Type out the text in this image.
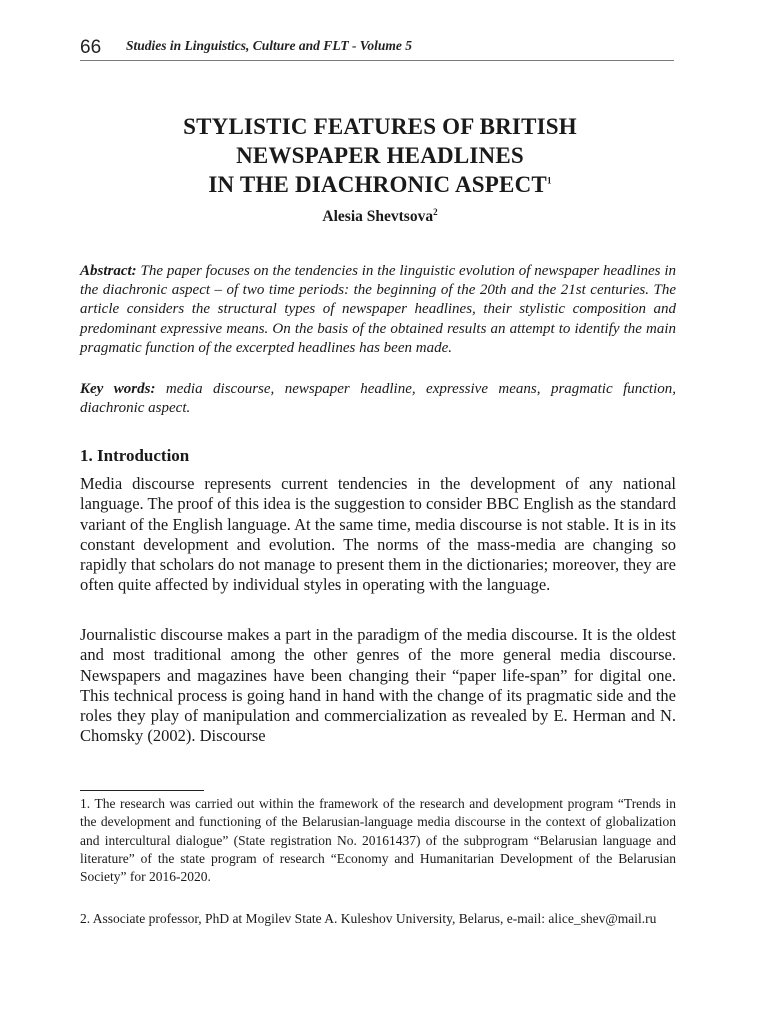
66 Studies in Linguistics, Culture and FLT - Volume 5
STYLISTIC FEATURES OF BRITISH
NEWSPAPER HEADLINES
IN THE DIACHRONIC ASPECT$^1$
Alesia Shevtsova$^2$
Abstract: The paper focuses on the tendencies in the linguistic evolution of newspaper headlines in the diachronic aspect – of two time periods: the beginning of the 20th and the 21st centuries. The article considers the structural types of newspaper headlines, their stylistic composition and predominant expressive means. On the basis of the obtained results an attempt to identify the main pragmatic function of the excerpted headlines has been made.
Key words: media discourse, newspaper headline, expressive means, pragmatic function, diachronic aspect.
1. Introduction
Media discourse represents current tendencies in the development of any national language. The proof of this idea is the suggestion to consider BBC English as the standard variant of the English language. At the same time, media discourse is not stable. It is in its constant development and evolution. The norms of the mass-media are changing so rapidly that scholars do not manage to present them in the dictionaries; moreover, they are often quite affected by individual styles in operating with the language.
Journalistic discourse makes a part in the paradigm of the media discourse. It is the oldest and most traditional among the other genres of the more general media discourse. Newspapers and magazines have been changing their “paper life-span” for digital one. This technical process is going hand in hand with the change of its pragmatic side and the roles they play of manipulation and commercialization as revealed by E. Herman and N. Chomsky (2002). Discourse
1. The research was carried out within the framework of the research and development program “Trends in the development and functioning of the Belarusian-language media discourse in the context of globalization and intercultural dialogue” (State registration No. 20161437) of the subprogram “Belarusian language and literature” of the state program of research “Economy and Humanitarian Development of the Belarusian Society” for 2016-2020.
2. Associate professor, PhD at Mogilev State A. Kuleshov University, Belarus, e-mail: alice_shev@mail.ru
